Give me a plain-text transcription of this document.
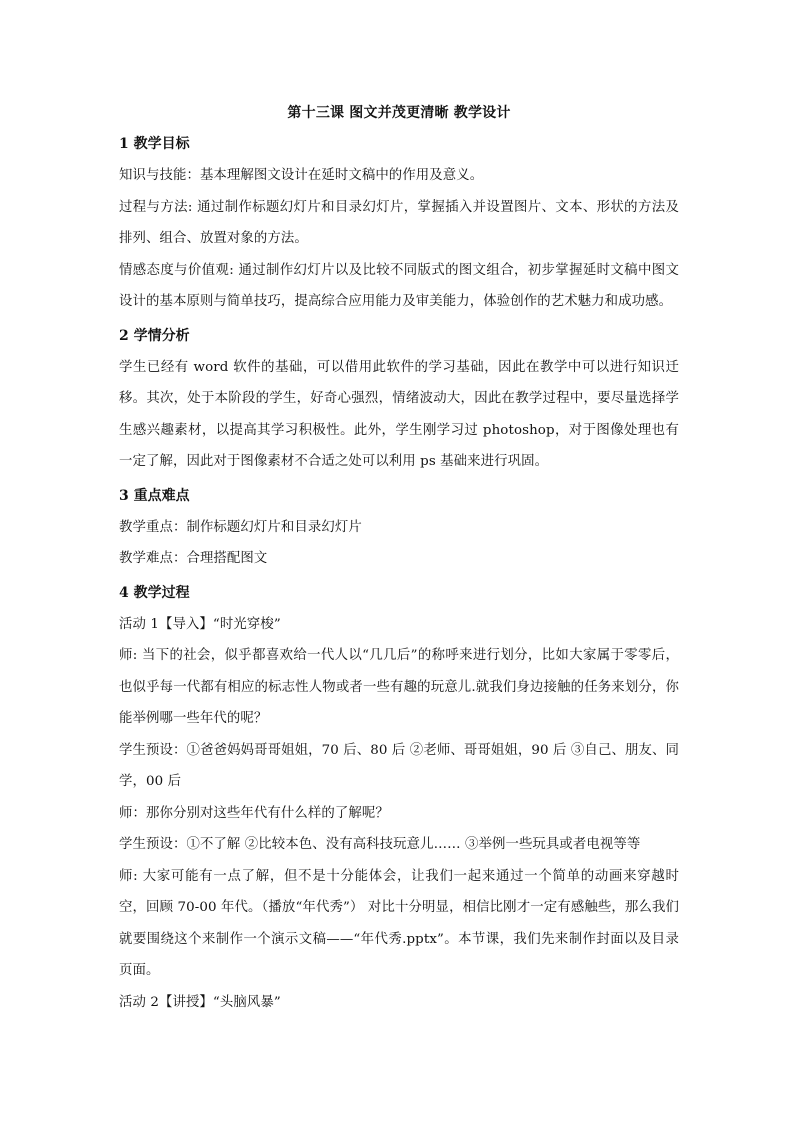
第十三课 图文并茂更清晰 教学设计
1 教学目标

知识与技能：基本理解图文设计在延时文稿中的作用及意义。

过程与方法: 通过制作标题幻灯片和目录幻灯片，掌握插入并设置图片、文本、形状的方法及排列、组合、放置对象的方法。

情感态度与价值观: 通过制作幻灯片以及比较不同版式的图文组合，初步掌握延时文稿中图文设计的基本原则与简单技巧，提高综合应用能力及审美能力，体验创作的艺术魅力和成功感。

2 学情分析

学生已经有 word 软件的基础，可以借用此软件的学习基础，因此在教学中可以进行知识迁移。其次，处于本阶段的学生，好奇心强烈，情绪波动大，因此在教学过程中，要尽量选择学生感兴趣素材，以提高其学习积极性。此外，学生刚学习过 photoshop，对于图像处理也有一定了解，因此对于图像素材不合适之处可以利用 ps 基础来进行巩固。

3 重点难点

教学重点：制作标题幻灯片和目录幻灯片

教学难点：合理搭配图文

4 教学过程

活动 1【导入】“时光穿梭”

师: 当下的社会，似乎都喜欢给一代人以“几几后”的称呼来进行划分，比如大家属于零零后，也似乎每一代都有相应的标志性人物或者一些有趣的玩意儿.就我们身边接触的任务来划分，你能举例哪一些年代的呢？

学生预设：①爸爸妈妈哥哥姐姐，70 后、80 后 ②老师、哥哥姐姐，90 后 ③自己、朋友、同学，00 后

师：那你分别对这些年代有什么样的了解呢？

学生预设：①不了解 ②比较本色、没有高科技玩意儿…… ③举例一些玩具或者电视等等

师: 大家可能有一点了解，但不是十分能体会，让我们一起来通过一个简单的动画来穿越时空，回顾 70-00 年代。（播放“年代秀”） 对比十分明显，相信比刚才一定有感触些，那么我们就要围绕这个来制作一个演示文稿——“年代秀.pptx”。本节课，我们先来制作封面以及目录页面。

活动 2【讲授】“头脑风暴”
